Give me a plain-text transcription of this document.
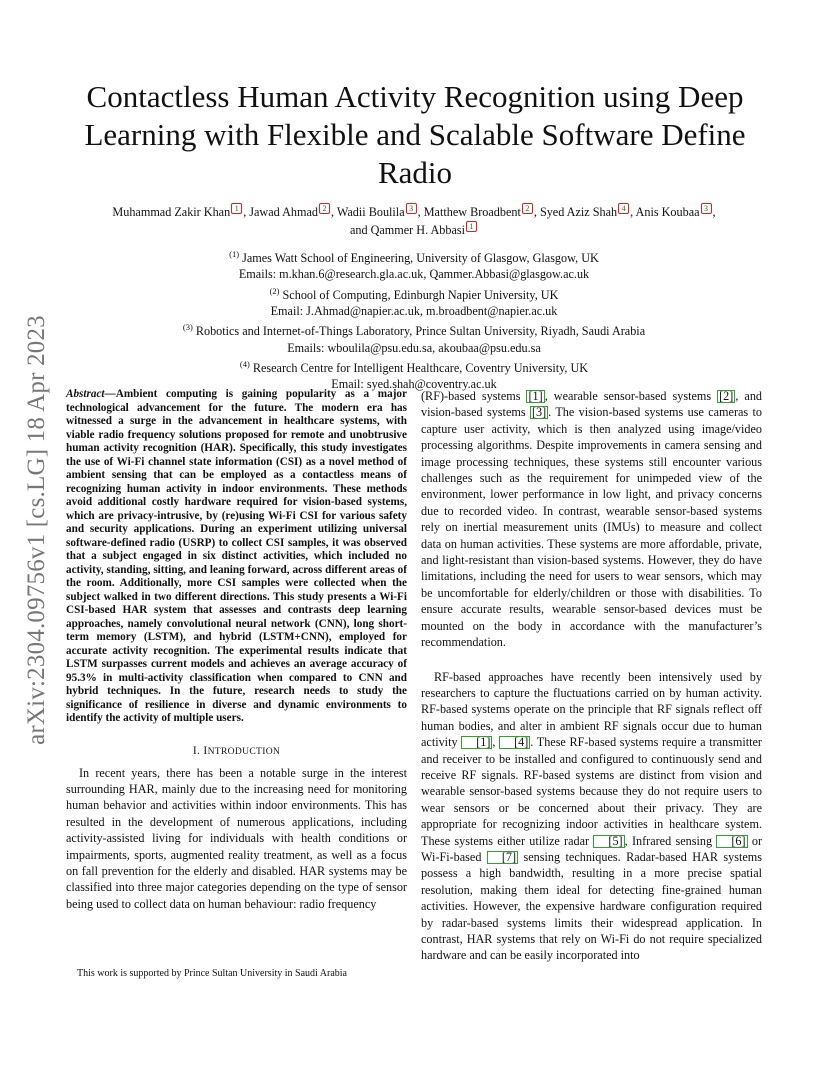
arXiv:2304.09756v1 [cs.LG] 18 Apr 2023
Contactless Human Activity Recognition using Deep Learning with Flexible and Scalable Software Define Radio
Muhammad Zakir Khan 1 , Jawad Ahmad 2 , Wadii Boulila 3 , Matthew Broadbent 2 , Syed Aziz Shah 4 , Anis Koubaa 3 ,
and Qammer H. Abbasi 1
$^{(1)}$ James Watt School of Engineering, University of Glasgow, Glasgow, UK
Emails: m.khan.6@research.gla.ac.uk, Qammer.Abbasi@glasgow.ac.uk
$^{(2)}$ School of Computing, Edinburgh Napier University, UK
Email: J.Ahmad@napier.ac.uk, m.broadbent@napier.ac.uk
$^{(3)}$ Robotics and Internet-of-Things Laboratory, Prince Sultan University, Riyadh, Saudi Arabia
Emails: wboulila@psu.edu.sa, akoubaa@psu.edu.sa
$^{(4)}$ Research Centre for Intelligent Healthcare, Coventry University, UK
Email: syed.shah@coventry.ac.uk

Abstract—Ambient computing is gaining popularity as a major technological advancement for the future. The modern era has witnessed a surge in the advancement in healthcare systems, with viable radio frequency solutions proposed for remote and unobtrusive human activity recognition (HAR). Specifically, this study investigates the use of Wi-Fi channel state information (CSI) as a novel method of ambient sensing that can be employed as a contactless means of recognizing human activity in indoor environments. These methods avoid additional costly hardware required for vision-based systems, which are privacy-intrusive, by (re)using Wi-Fi CSI for various safety and security applications. During an experiment utilizing universal software-defined radio (USRP) to collect CSI samples, it was observed that a subject engaged in six distinct activities, which included no activity, standing, sitting, and leaning forward, across different areas of the room. Additionally, more CSI samples were collected when the subject walked in two different directions. This study presents a Wi-Fi CSI-based HAR system that assesses and contrasts deep learning approaches, namely convolutional neural network (CNN), long short-term memory (LSTM), and hybrid (LSTM+CNN), employed for accurate activity recognition. The experimental results indicate that LSTM surpasses current models and achieves an average accuracy of 95.3% in multi-activity classification when compared to CNN and hybrid techniques. In the future, research needs to study the significance of resilience in diverse and dynamic environments to identify the activity of multiple users.

I. INTRODUCTION

In recent years, there has been a notable surge in the interest surrounding HAR, mainly due to the increasing need for monitoring human behavior and activities within indoor environments. This has resulted in the development of numerous applications, including activity-assisted living for individuals with health conditions or impairments, sports, augmented reality treatment, as well as a focus on fall prevention for the elderly and disabled. HAR systems may be classified into three major categories depending on the type of sensor being used to collect data on human behaviour: radio frequency

(RF)-based systems [1] , wearable sensor-based systems [2] , and vision-based systems [3] . The vision-based systems use cameras to capture user activity, which is then analyzed using image/video processing algorithms. Despite improvements in camera sensing and image processing techniques, these systems still encounter various challenges such as the requirement for unimpeded view of the environment, lower performance in low light, and privacy concerns due to recorded video. In contrast, wearable sensor-based systems rely on inertial measurement units (IMUs) to measure and collect data on human activities. These systems are more affordable, private, and light-resistant than vision-based systems. However, they do have limitations, including the need for users to wear sensors, which may be uncomfortable for elderly/children or those with disabilities. To ensure accurate results, wearable sensor-based devices must be mounted on the body in accordance with the manufacturer’s recommendation.

RF-based approaches have recently been intensively used by researchers to capture the fluctuations carried on by human activity. RF-based systems operate on the principle that RF signals reflect off human bodies, and alter in ambient RF signals occur due to human activity [1] , [4] . These RF-based systems require a transmitter and receiver to be installed and configured to continuously send and receive RF signals. RF-based systems are distinct from vision and wearable sensor-based systems because they do not require users to wear sensors or be concerned about their privacy. They are appropriate for recognizing indoor activities in healthcare system. These systems either utilize radar [5] , Infrared sensing [6] or Wi-Fi-based [7] sensing techniques. Radar-based HAR systems possess a high bandwidth, resulting in a more precise spatial resolution, making them ideal for detecting fine-grained human activities. However, the expensive hardware configuration required by radar-based systems limits their widespread application. In contrast, HAR systems that rely on Wi-Fi do not require specialized hardware and can be easily incorporated into

This work is supported by Prince Sultan University in Saudi Arabia
